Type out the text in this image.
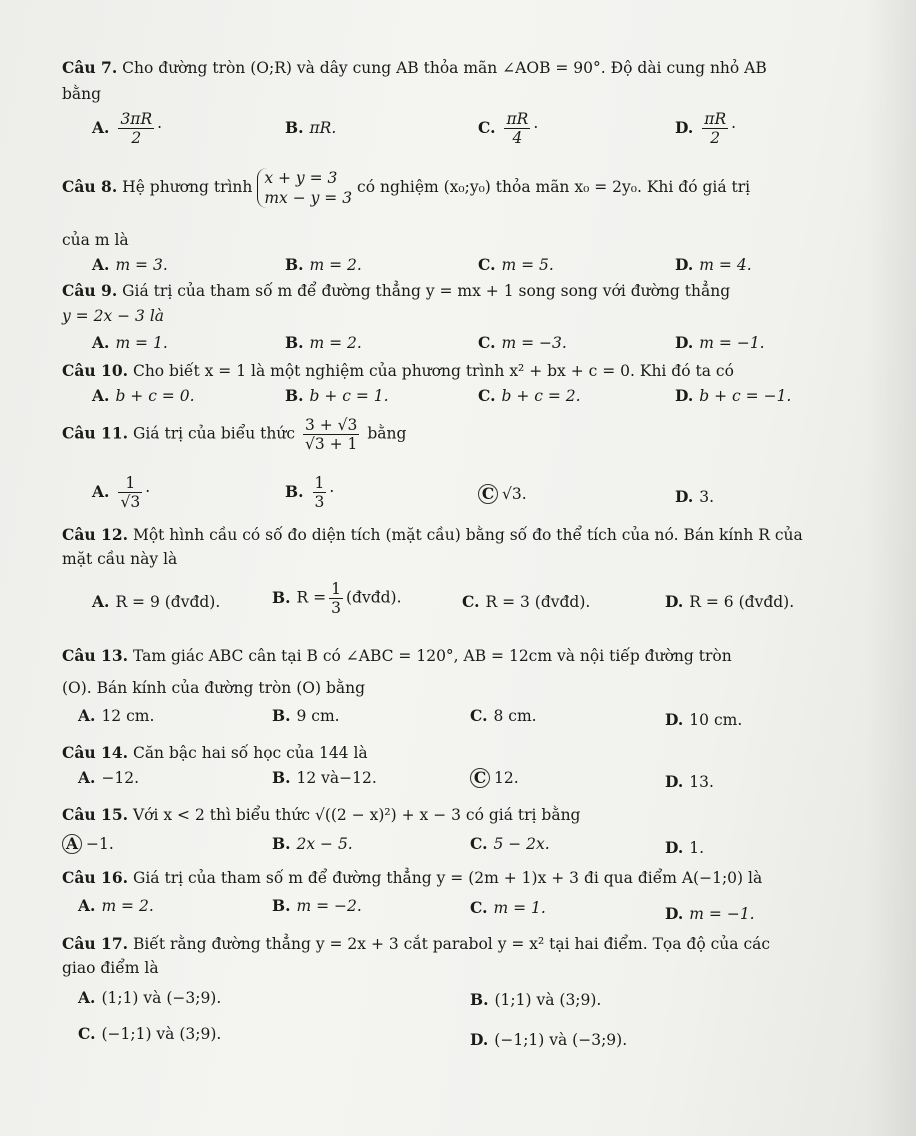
Câu 7. Cho đường tròn (O;R) và dây cung AB thỏa mãn ∠AOB = 90°. Độ dài cung nhỏ AB
bằng
A. $\frac{3\pi R}{2}$ ·	B. πR.	C. $\frac{\pi R}{4}$ ·	D. $\frac{\pi R}{2}$ ·
Câu 8. Hệ phương trình x + y = 3
mx − y = 3
có nghiệm (x₀;y₀) thỏa mãn x₀ = 2y₀. Khi đó giá trị
của m là
A. m = 3.	B. m = 2.	C. m = 5.	D. m = 4.
Câu 9. Giá trị của tham số m để đường thẳng y = mx + 1 song song với đường thẳng
y = 2x − 3 là
A. m = 1.	B. m = 2.	C. m = −3.	D. m = −1.
Câu 10. Cho biết x = 1 là một nghiệm của phương trình x² + bx + c = 0. Khi đó ta có
A. b + c = 0.	B. b + c = 1.	C. b + c = 2.	D. b + c = −1.
Câu 11. Giá trị của biểu thức $\frac{3 + √3}{√3 + 1}$ bằng
A. $\frac{1}{√3}$ ·	B. $\frac{1}{3}$ ·	C √3.	D. 3.
Câu 12. Một hình cầu có số đo diện tích (mặt cầu) bằng số đo thể tích của nó. Bán kính R của
mặt cầu này là
A. R = 9 (đvđd).	B. $R = \frac{1}{3}$ (đvđd).	C. R = 3 (đvđd).	D. R = 6 (đvđd).
Câu 13. Tam giác ABC cân tại B có ∠ABC = 120°, AB = 12cm và nội tiếp đường tròn
(O). Bán kính của đường tròn (O) bằng
A. 12 cm.	B. 9 cm.	C. 8 cm.	D. 10 cm.
Câu 14. Căn bậc hai số học của 144 là
A. −12.	B. 12 và−12.	C 12.	D. 13.
Câu 15. Với x < 2 thì biểu thức √((2 − x)²) + x − 3 có giá trị bằng
A −1.	B. 2x − 5.	C. 5 − 2x.	D. 1.
Câu 16. Giá trị của tham số m để đường thẳng y = (2m + 1)x + 3 đi qua điểm A(−1;0) là
A. m = 2.	B. m = −2.	C. m = 1.	D. m = −1.
Câu 17. Biết rằng đường thẳng y = 2x + 3 cắt parabol y = x² tại hai điểm. Tọa độ của các
giao điểm là
A. (1;1) và (−3;9).	B. (1;1) và (3;9).
C. (−1;1) và (3;9).	D. (−1;1) và (−3;9).
